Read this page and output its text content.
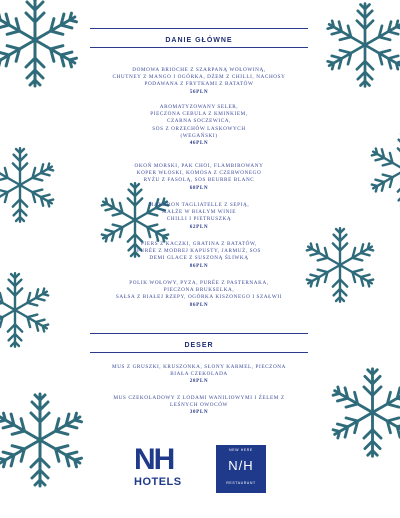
DANIE GŁÓWNE
DOMOWA BRIOCHE Z SZARPANĄ WOŁOWINĄ,
CHUTNEY Z MANGO I OGÓRKA, DŻEM Z CHILLI, NACHOSY
PODAWANA Z FRYTKAMI Z BATATÓW
56PLN
AROMATYZOWANY SELER,
PIECZONA CEBULA Z KMINKIEM,
CZARNA SOCZEWICA,
SOS Z ORZECHÓW LASKOWYCH
(WEGAŃSKI)
46PLN
OKOŃ MORSKI, PAK CHOI, FLAMBIROWANY
KOPER WŁOSKI, KOMOSA Z CZERWONEGO
RYŻU Z FASOLĄ, SOS BEURRE BLANC
68PLN
MAKARON TAGLIATELLE Z SEPIĄ,
MAŁŻE W BIAŁYM WINIE
CHILLI I PIETRUSZKĄ
62PLN
PIERŚ Z KACZKI, GRATINA Z BATATÓW,
PURÉE Z MODREJ KAPUSTY, JARMUŻ, SOS
DEMI GLACE Z SUSZONĄ ŚLIWKĄ
86PLN
POLIK WOŁOWY, PYZA, PURÉE Z PASTERNAKA,
PIECZONA BRUKSELKA,
SAŁSA Z BIAŁEJ RZEPY, OGÓRKA KISZONEGO I SZAŁWII
86PLN
DESER
MUS Z GRUSZKI, KRUSZONKA, SŁONY KARMEL, PIECZONA
BIAŁA CZEKOLADA
28PLN
MUS CZEKOLADOWY Z LODAMI WANILIOWYMI I ŻELEM Z
LEŚNYCH OWOCÓW
30PLN
NH
HOTELS
NEW HERE
N/H
RESTAURANT
